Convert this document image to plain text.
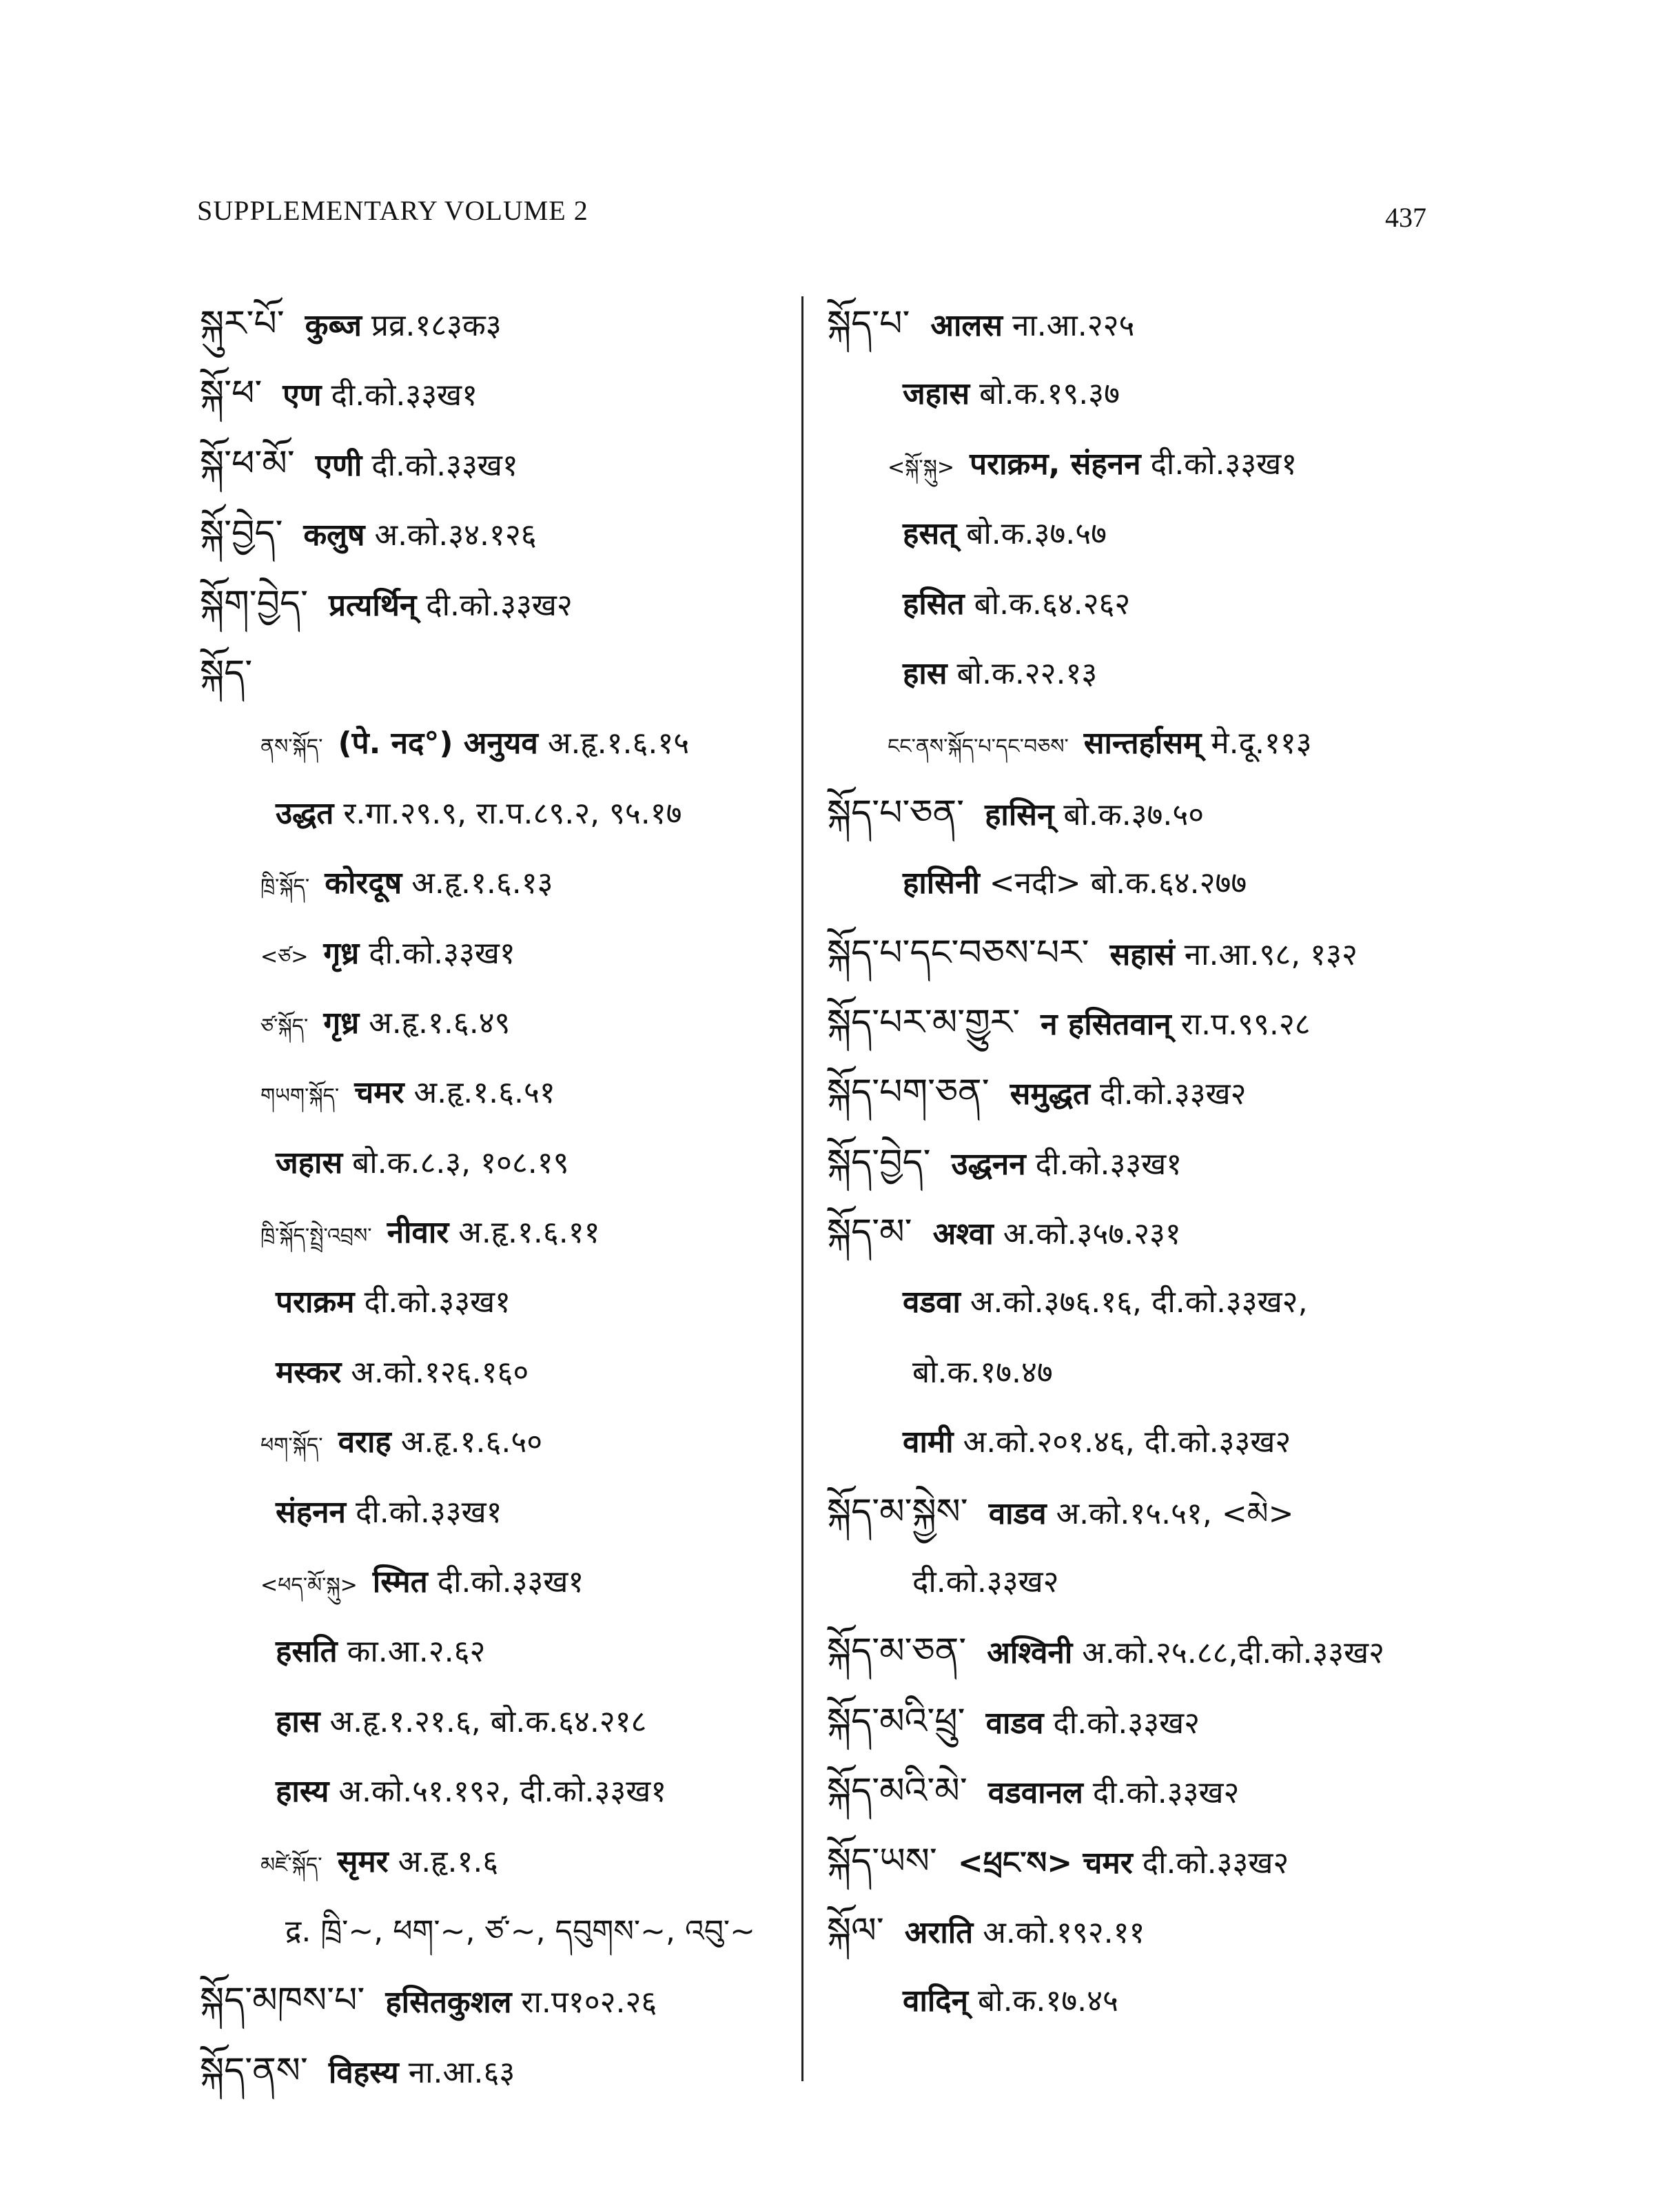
SUPPLEMENTARY VOLUME 2	437
སྐུར་པོ་ कुब्ज प्रव्र.१८३क३
སྐོ་ཕ་ एण दी.को.३३ख१
སྐོ་ཕ་མོ་ एणी दी.को.३३ख१
སྐོ་བྱེད་ कलुष अ.को.३४.१२६
སྐོག་བྱེད་ प्रत्यर्थिन् दी.को.३३ख२
སྐོད་
ནས་སྐོད་ (पे. नद°) अनुयव अ.हृ.१.६.१५
उद्धत र.गा.२९.९, रा.प.८९.२, ९५.१७
ཁྲི་སྐོད་ कोरदूष अ.हृ.१.६.१३
<ཙ> गृध्र दी.को.३३ख१
ཙ་སྐོད་ गृध्र अ.हृ.१.६.४९
གཡག་སྐོད་ चमर अ.हृ.१.६.५१
जहास बो.क.८.३, १०८.१९
ཁྲི་སྐོད་སྤྲེ་འབྲས་ नीवार अ.हृ.१.६.११
पराक्रम दी.को.३३ख१
मस्कर अ.को.१२६.१६०
ཕག་སྐོད་ वराह अ.हृ.१.६.५०
संहनन दी.को.३३ख१
<ཕད་མོ་སྐུ> स्मित दी.को.३३ख१
हसति का.आ.२.६२
हास अ.हृ.१.२१.६, बो.क.६४.२१८
हास्य अ.को.५१.१९२, दी.को.३३ख१
མཛེ་སྐོད་ सृमर अ.हृ.१.६
द्र. ཁྲི་~, ཕག་~, ཙ་~, དབུགས་~, འབུ་~
སྐོད་མཁས་པ་ हसितकुशल रा.प१०२.२६
སྐོད་ནས་ विहस्य ना.आ.६३
སྐོད་པ་ आलस ना.आ.२२५
जहास बो.क.१९.३७
<སྐོ་སྐུ> पराक्रम, संहनन दी.को.३३ख१
हसत् बो.क.३७.५७
हसित बो.क.६४.२६२
हास बो.क.२२.१३
ངང་ནས་སྐོད་པ་དང་བཅས་ सान्तर्हासम् मे.दू.११३
སྐོད་པ་ཅན་ हासिन् बो.क.३७.५०
हासिनी <नदी> बो.क.६४.२७७
སྐོད་པ་དང་བཅས་པར་ सहासं ना.आ.९८, १३२
སྐོད་པར་མ་གྱུར་ न हसितवान् रा.प.९९.२८
སྐོད་པག་ཅན་ समुद्धत दी.को.३३ख२
སྐོད་བྱེད་ उद्धनन दी.को.३३ख१
སྐོད་མ་ अश्वा अ.को.३५७.२३१
वडवा अ.को.३७६.१६, दी.को.३३ख२,
बो.क.१७.४७
वामी अ.को.२०१.४६, दी.को.३३ख२
སྐོད་མ་སྐྱེས་ वाडव अ.को.१५.५१, <མེ>
दी.को.३३ख२
སྐོད་མ་ཅན་ अश्विनी अ.को.२५.८८,दी.को.३३ख२
སྐོད་མའི་ཕྲུ་ वाडव दी.को.३३ख२
སྐོད་མའི་མེ་ वडवानल दी.को.३३ख२
སྐོད་ཡས་ <ཕྲང་ས> चमर दी.को.३३ख२
སྐོལ་ अराति अ.को.१९२.११
वादिन् बो.क.१७.४५
